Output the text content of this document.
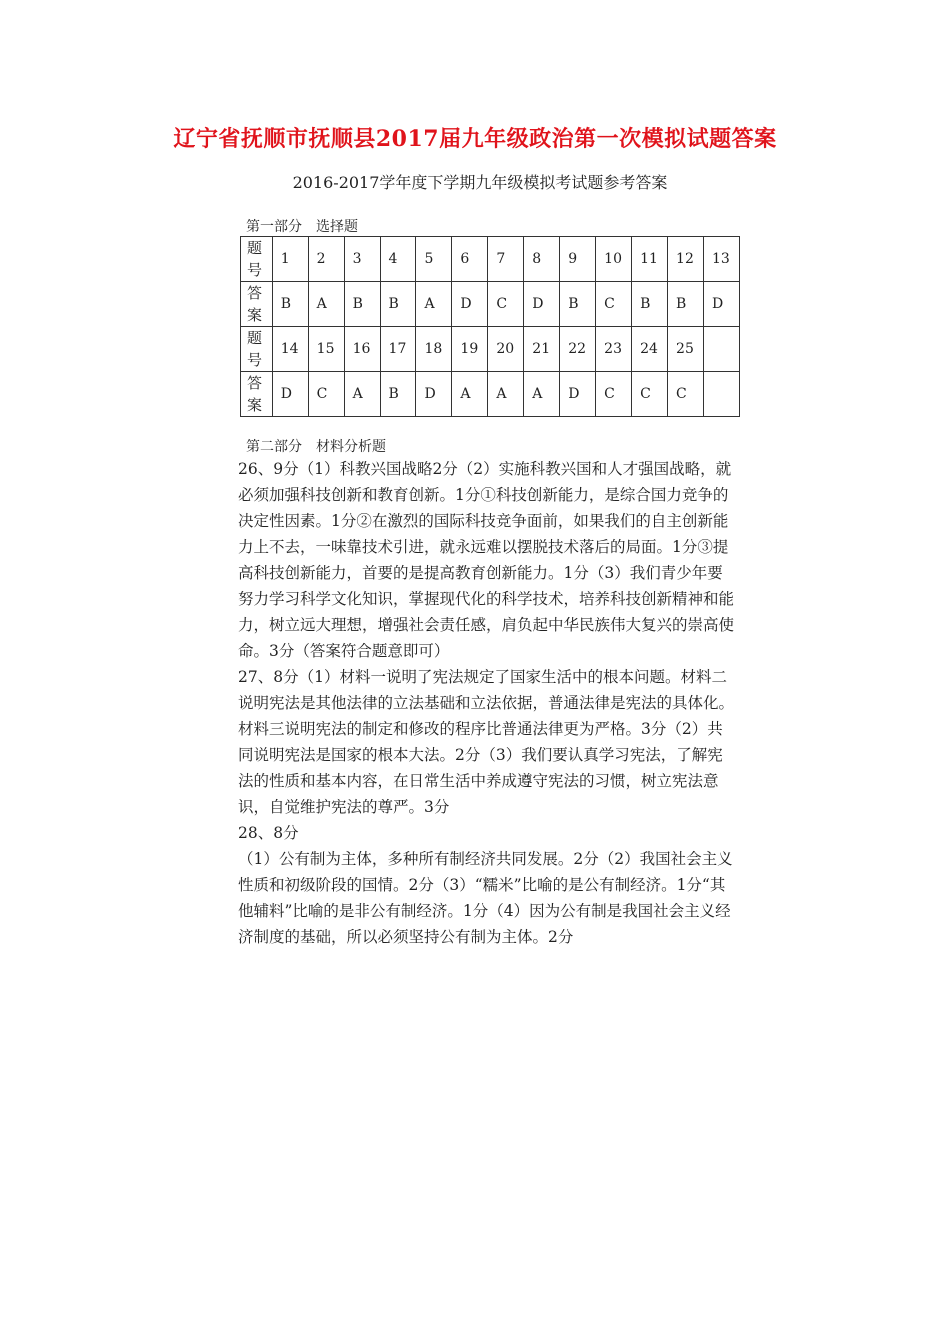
辽宁省抚顺市抚顺县2017届九年级政治第一次模拟试题答案
2016-2017学年度下学期九年级模拟考试题参考答案
第一部分　选择题
题号	1	2	3	4	5	6	7	8	9	10	11	12	13
答案	B	A	B	B	A	D	C	D	B	C	B	B	D
题号	14	15	16	17	18	19	20	21	22	23	24	25	
答案	D	C	A	B	D	A	A	A	D	C	C	C	
第二部分　材料分析题

26、9分（1）科教兴国战略2分（2）实施科教兴国和人才强国战略，就必须加强科技创新和教育创新。1分①科技创新能力，是综合国力竞争的决定性因素。1分②在激烈的国际科技竞争面前，如果我们的自主创新能力上不去，一味靠技术引进，就永远难以摆脱技术落后的局面。1分③提高科技创新能力，首要的是提高教育创新能力。1分（3）我们青少年要努力学习科学文化知识，掌握现代化的科学技术，培养科技创新精神和能力，树立远大理想，增强社会责任感，肩负起中华民族伟大复兴的崇高使命。3分（答案符合题意即可）

27、8分（1）材料一说明了宪法规定了国家生活中的根本问题。材料二说明宪法是其他法律的立法基础和立法依据，普通法律是宪法的具体化。材料三说明宪法的制定和修改的程序比普通法律更为严格。3分（2）共同说明宪法是国家的根本大法。2分（3）我们要认真学习宪法，了解宪法的性质和基本内容，在日常生活中养成遵守宪法的习惯，树立宪法意识，自觉维护宪法的尊严。3分

28、8分

（1）公有制为主体，多种所有制经济共同发展。2分（2）我国社会主义性质和初级阶段的国情。2分（3）“糯米”比喻的是公有制经济。1分“其他辅料”比喻的是非公有制经济。1分（4）因为公有制是我国社会主义经济制度的基础，所以必须坚持公有制为主体。2分
